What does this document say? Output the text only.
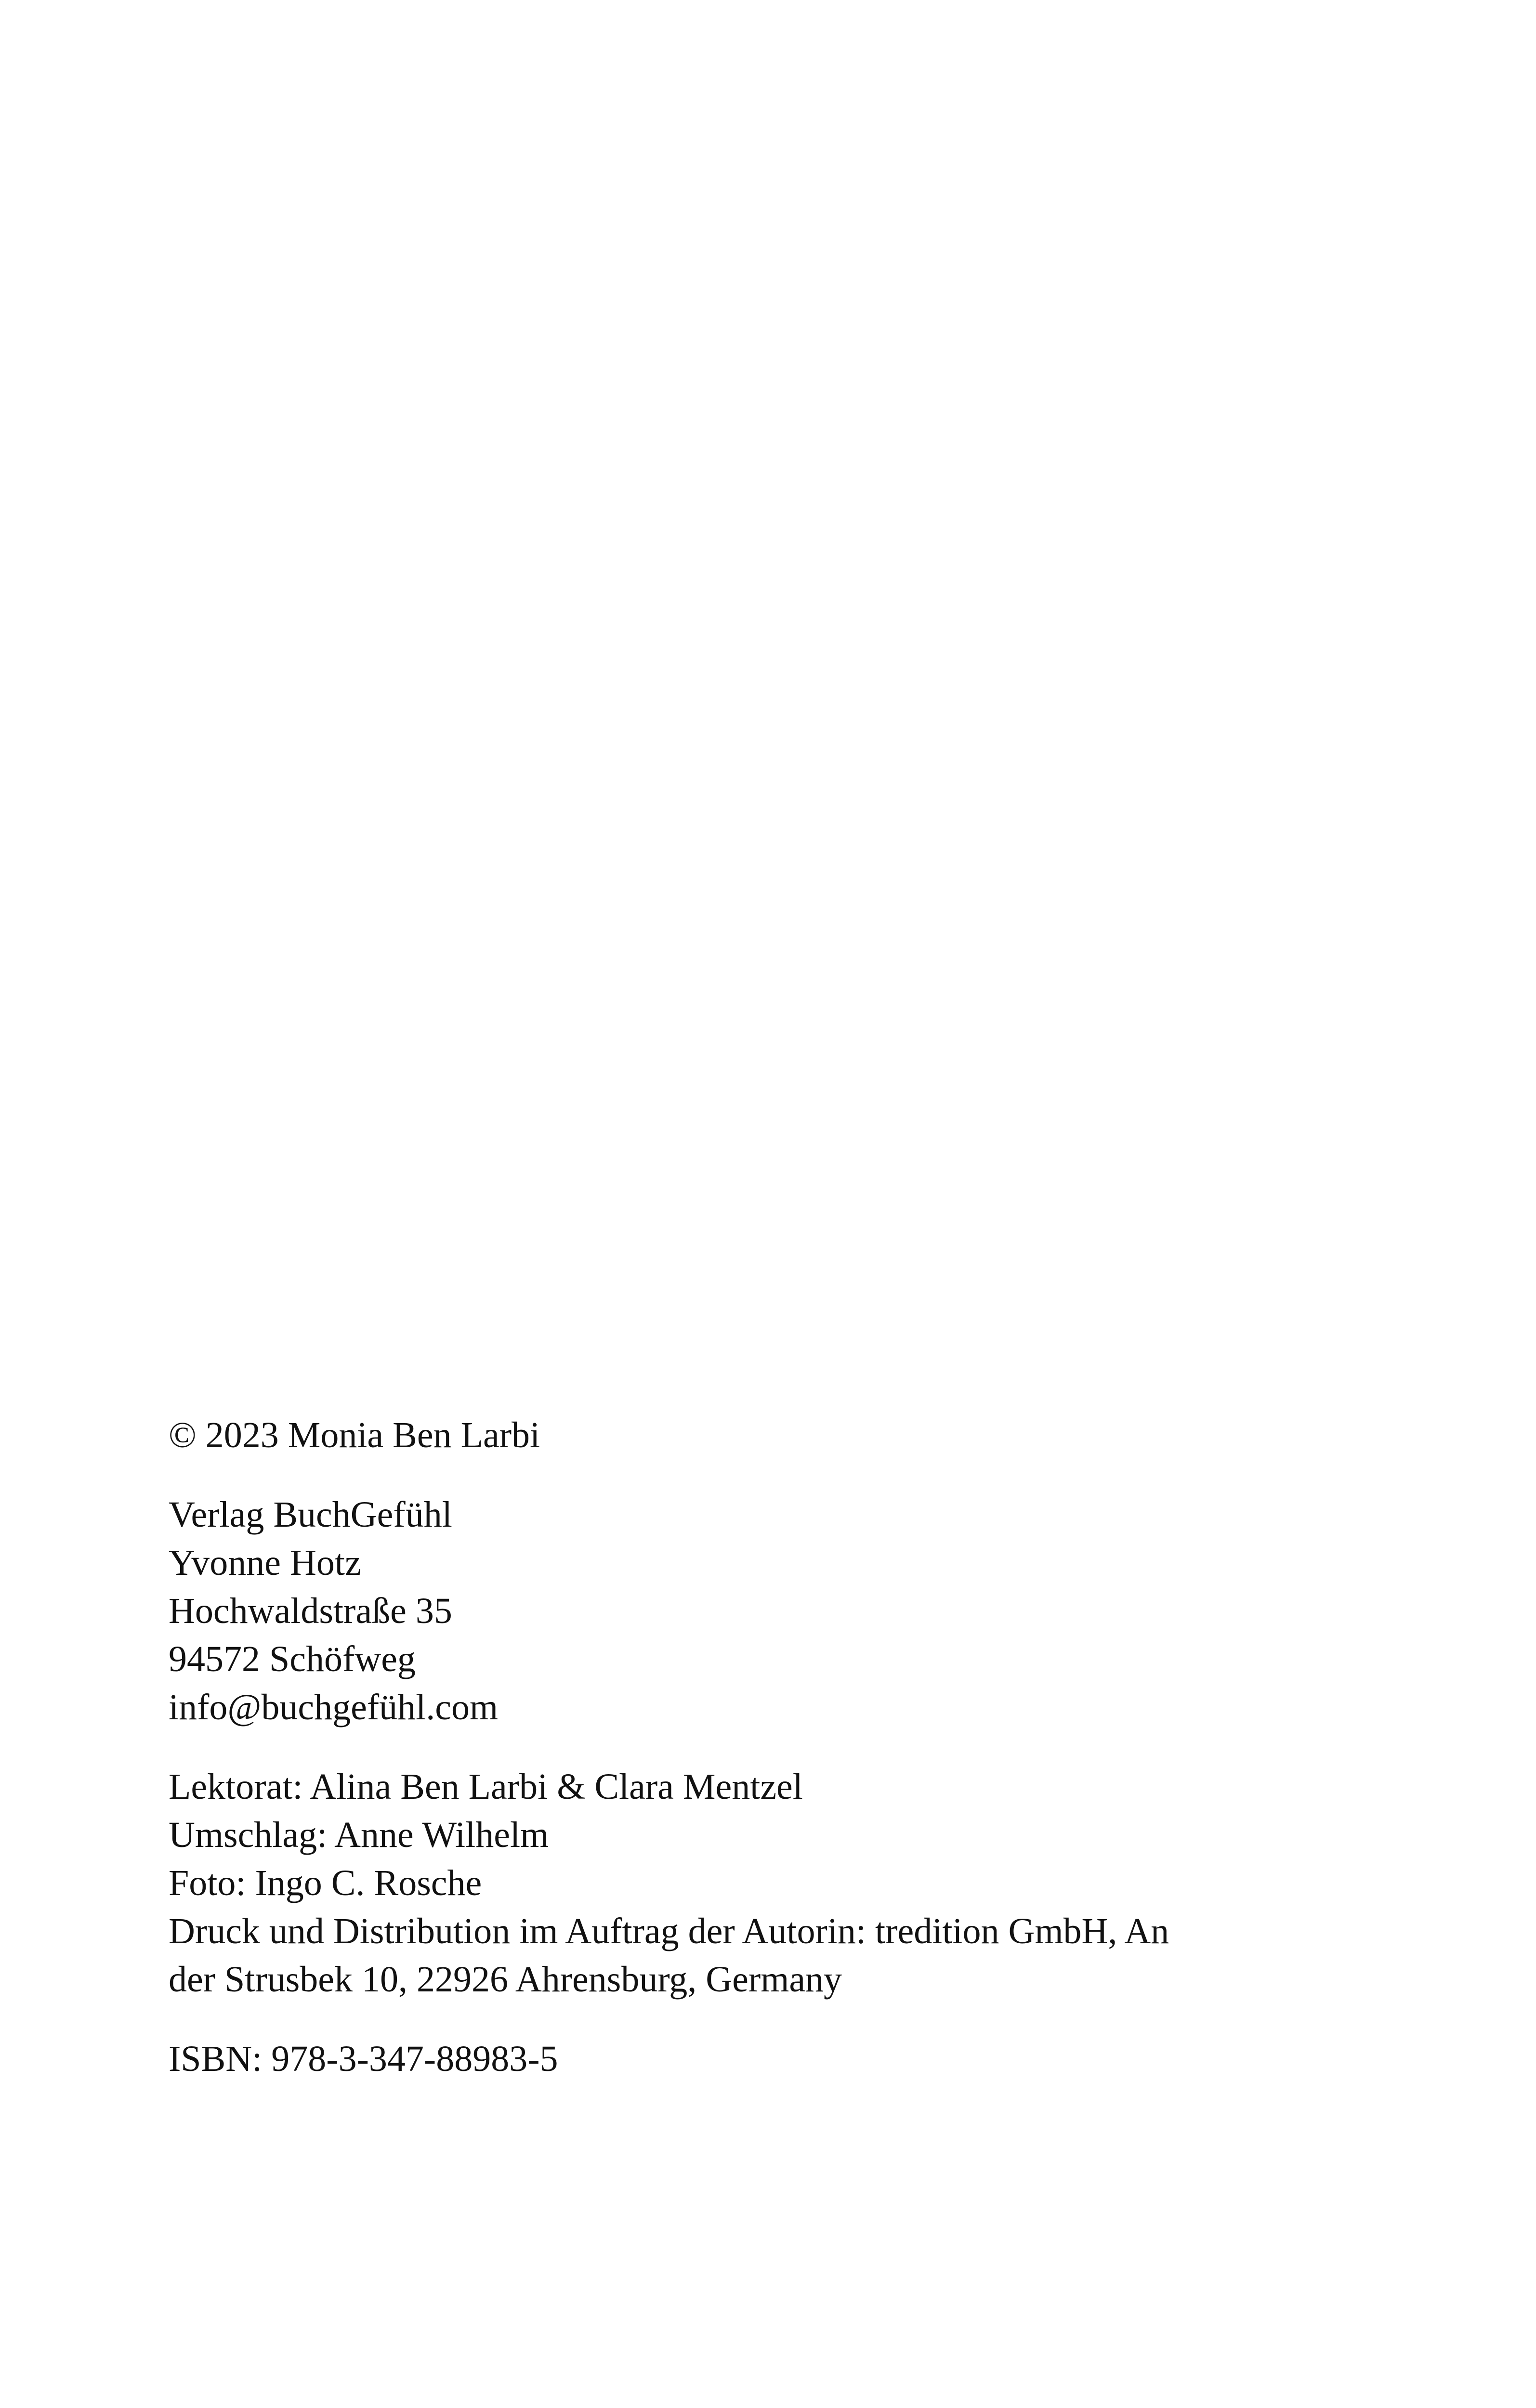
© 2023 Monia Ben Larbi
Verlag BuchGefühl
Yvonne Hotz
Hochwaldstraße 35
94572 Schöfweg
info@buchgefühl.com
Lektorat: Alina Ben Larbi & Clara Mentzel
Umschlag: Anne Wilhelm
Foto: Ingo C. Rosche
Druck und Distribution im Auftrag der Autorin: tredition GmbH, An
der Strusbek 10, 22926 Ahrensburg, Germany
ISBN: 978-3-347-88983-5
